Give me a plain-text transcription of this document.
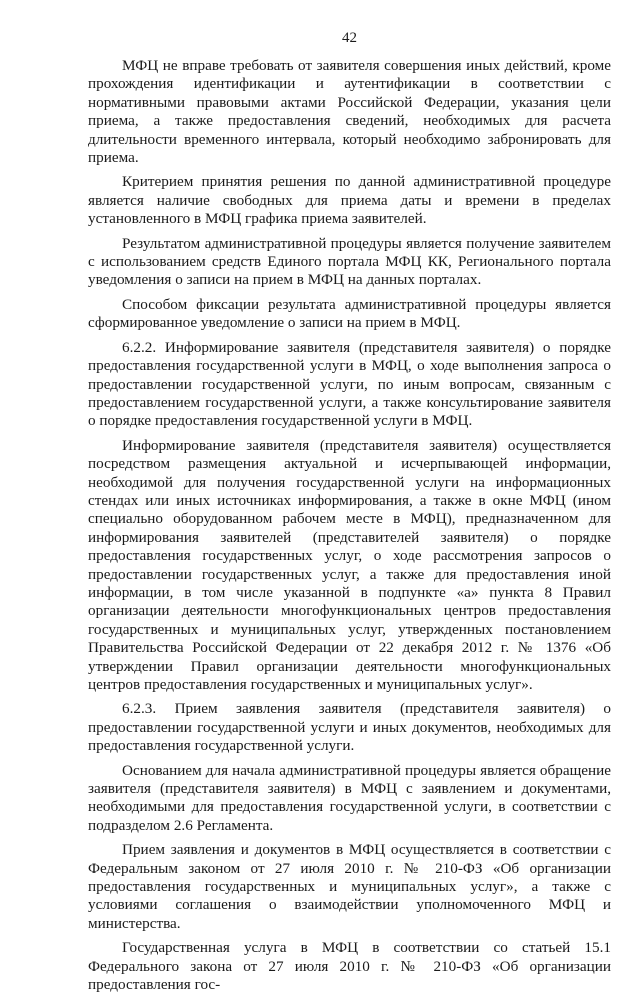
42

МФЦ не вправе требовать от заявителя совершения иных действий, кроме прохождения идентификации и аутентификации в соответствии с нормативными правовыми актами Российской Федерации, указания цели приема, а также предоставления сведений, необходимых для расчета длительности временного интервала, который необходимо забронировать для приема.

Критерием принятия решения по данной административной процедуре является наличие свободных для приема даты и времени в пределах установленного в МФЦ графика приема заявителей.

Результатом административной процедуры является получение заявителем с использованием средств Единого портала МФЦ КК, Регионального портала уведомления о записи на прием в МФЦ на данных порталах.

Способом фиксации результата административной процедуры является сформированное уведомление о записи на прием в МФЦ.

6.2.2. Информирование заявителя (представителя заявителя) о порядке предоставления государственной услуги в МФЦ, о ходе выполнения запроса о предоставлении государственной услуги, по иным вопросам, связанным с предоставлением государственной услуги, а также консультирование заявителя о порядке предоставления государственной услуги в МФЦ.

Информирование заявителя (представителя заявителя) осуществляется посредством размещения актуальной и исчерпывающей информации, необходимой для получения государственной услуги на информационных стендах или иных источниках информирования, а также в окне МФЦ (ином специально оборудованном рабочем месте в МФЦ), предназначенном для информирования заявителей (представителей заявителя) о порядке предоставления государственных услуг, о ходе рассмотрения запросов о предоставлении государственных услуг, а также для предоставления иной информации, в том числе указанной в подпункте «а» пункта 8 Правил организации деятельности многофункциональных центров предоставления государственных и муниципальных услуг, утвержденных постановлением Правительства Российской Федерации от 22 декабря 2012 г. № 1376 «Об утверждении Правил организации деятельности многофункциональных центров предоставления государственных и муниципальных услуг».

6.2.3. Прием заявления заявителя (представителя заявителя) о предоставлении государственной услуги и иных документов, необходимых для предоставления государственной услуги.

Основанием для начала административной процедуры является обращение заявителя (представителя заявителя) в МФЦ с заявлением и документами, необходимыми для предоставления государственной услуги, в соответствии с подразделом 2.6 Регламента.

Прием заявления и документов в МФЦ осуществляется в соответствии с Федеральным законом от 27 июля 2010 г. № 210-ФЗ «Об организации предоставления государственных и муниципальных услуг», а также с условиями соглашения о взаимодействии уполномоченного МФЦ и министерства.

Государственная услуга в МФЦ в соответствии со статьей 15.1 Федерального закона от 27 июля 2010 г. № 210-ФЗ «Об организации предоставления гос-
